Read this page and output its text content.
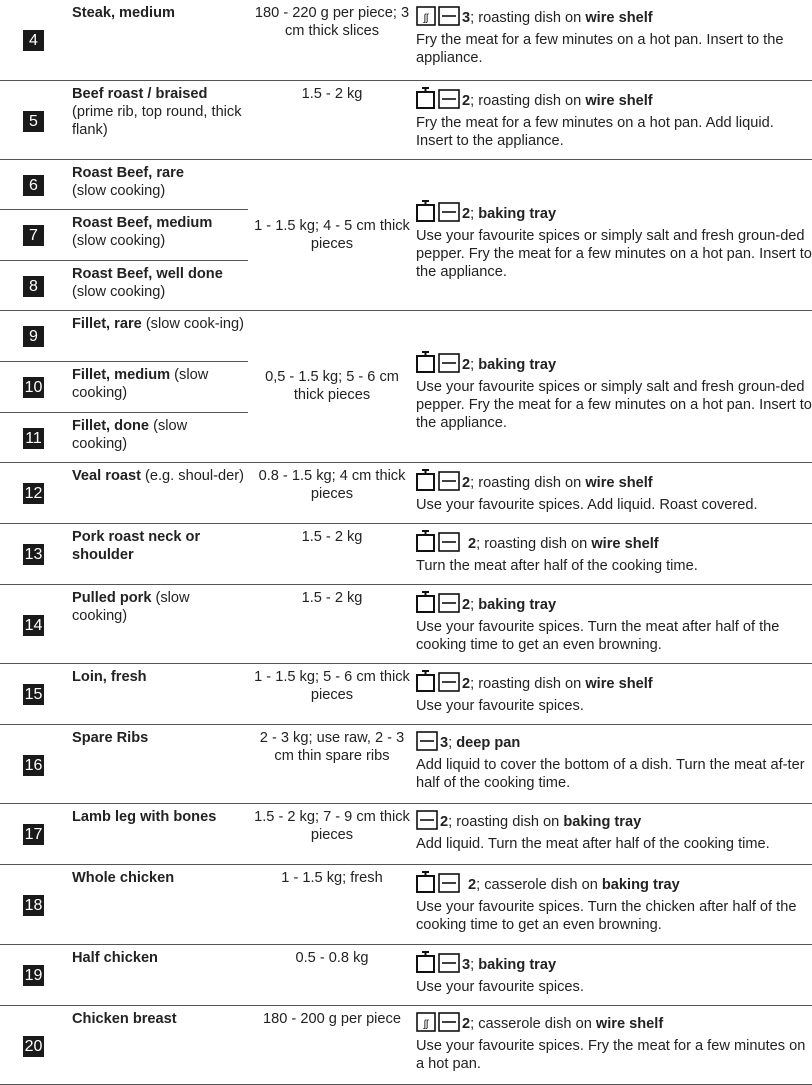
4	Steak, medium	180 - 220 g per piece; 3 cm thick slices	ʃʃ 3; roasting dish on wire shelf
Fry the meat for a few minutes on a hot pan. Insert to the appliance.

5	Beef roast / braised
(prime rib, top round, thick flank)	1.5 - 2 kg	2; roasting dish on wire shelf
Fry the meat for a few minutes on a hot pan. Add liquid. Insert to the appliance.

6	Roast Beef, rare
(slow cooking)	1 - 1.5 kg; 4 - 5 cm thick pieces	2; baking tray
Use your favourite spices or simply salt and fresh groun-ded pepper. Fry the meat for a few minutes on a hot pan. Insert to the appliance.

7	Roast Beef, medium
(slow cooking)		

8	Roast Beef, well done (slow cooking)		

9	Fillet, rare (slow cook-ing)	0,5 - 1.5 kg; 5 - 6 cm thick pieces	2; baking tray
Use your favourite spices or simply salt and fresh groun-ded pepper. Fry the meat for a few minutes on a hot pan. Insert to the appliance.

10	Fillet, medium (slow cooking)		

11	Fillet, done (slow cooking)		

12	Veal roast (e.g. shoul-der)	0.8 - 1.5 kg; 4 cm thick pieces	2; roasting dish on wire shelf
Use your favourite spices. Add liquid. Roast covered.

13	Pork roast neck or shoulder	1.5 - 2 kg	2; roasting dish on wire shelf
Turn the meat after half of the cooking time.

14	Pulled pork (slow cooking)	1.5 - 2 kg	2; baking tray
Use your favourite spices. Turn the meat after half of the cooking time to get an even browning.

15	Loin, fresh	1 - 1.5 kg; 5 - 6 cm thick pieces	2; roasting dish on wire shelf
Use your favourite spices.

16	Spare Ribs	2 - 3 kg; use raw, 2 - 3 cm thin spare ribs	3; deep pan
Add liquid to cover the bottom of a dish. Turn the meat af-ter half of the cooking time.

17	Lamb leg with bones	1.5 - 2 kg; 7 - 9 cm thick pieces	2; roasting dish on baking tray
Add liquid. Turn the meat after half of the cooking time.

18	Whole chicken	1 - 1.5 kg; fresh	2; casserole dish on baking tray
Use your favourite spices. Turn the chicken after half of the cooking time to get an even browning.

19	Half chicken	0.5 - 0.8 kg	3; baking tray
Use your favourite spices.

20	Chicken breast	180 - 200 g per piece	ʃʃ 2; casserole dish on wire shelf
Use your favourite spices. Fry the meat for a few minutes on a hot pan.
